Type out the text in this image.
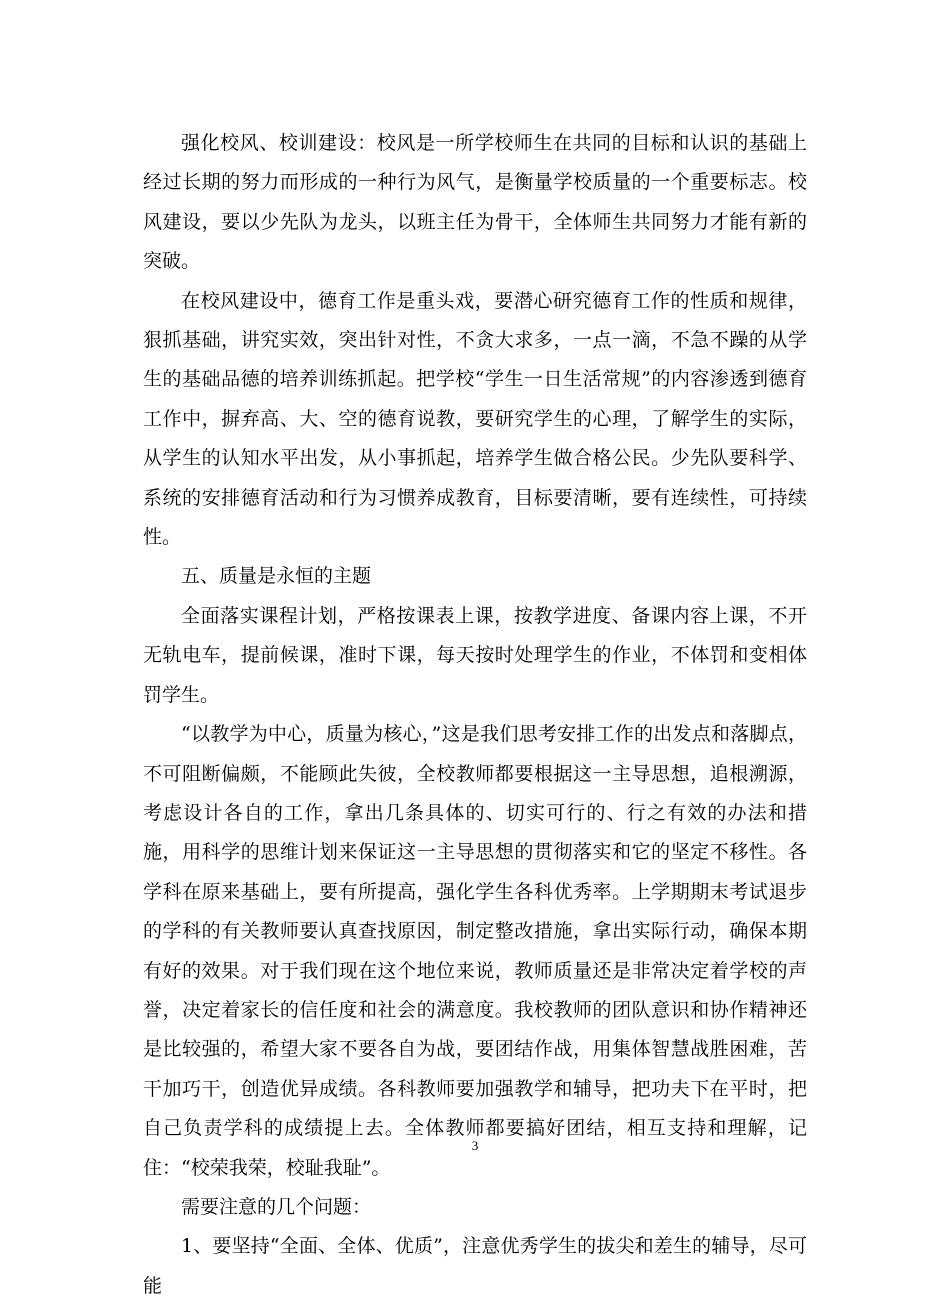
强化校风、校训建设：校风是一所学校师生在共同的目标和认识的基础上经过长期的努力而形成的一种行为风气，是衡量学校质量的一个重要标志。校风建设，要以少先队为龙头，以班主任为骨干，全体师生共同努力才能有新的突破。

在校风建设中，德育工作是重头戏，要潜心研究德育工作的性质和规律，狠抓基础，讲究实效，突出针对性，不贪大求多，一点一滴，不急不躁的从学生的基础品德的培养训练抓起。把学校“学生一日生活常规”的内容渗透到德育工作中，摒弃高、大、空的德育说教，要研究学生的心理，了解学生的实际，从学生的认知水平出发，从小事抓起，培养学生做合格公民。少先队要科学、系统的安排德育活动和行为习惯养成教育，目标要清晰，要有连续性，可持续性。

五、质量是永恒的主题

全面落实课程计划，严格按课表上课，按教学进度、备课内容上课，不开无轨电车，提前候课，准时下课，每天按时处理学生的作业，不体罚和变相体罚学生。

“以教学为中心，质量为核心，”这是我们思考安排工作的出发点和落脚点，不可阻断偏颇，不能顾此失彼，全校教师都要根据这一主导思想，追根溯源，考虑设计各自的工作，拿出几条具体的、切实可行的、行之有效的办法和措施，用科学的思维计划来保证这一主导思想的贯彻落实和它的坚定不移性。各学科在原来基础上，要有所提高，强化学生各科优秀率。上学期期末考试退步的学科的有关教师要认真查找原因，制定整改措施，拿出实际行动，确保本期有好的效果。对于我们现在这个地位来说，教师质量还是非常决定着学校的声誉，决定着家长的信任度和社会的满意度。我校教师的团队意识和协作精神还是比较强的，希望大家不要各自为战，要团结作战，用集体智慧战胜困难，苦干加巧干，创造优异成绩。各科教师要加强教学和辅导，把功夫下在平时，把自己负责学科的成绩提上去。全体教师都要搞好团结，相互支持和理解，记住：“校荣我荣，校耻我耻”。

需要注意的几个问题：

1、要坚持“全面、全体、优质”，注意优秀学生的拔尖和差生的辅导，尽可能

3
